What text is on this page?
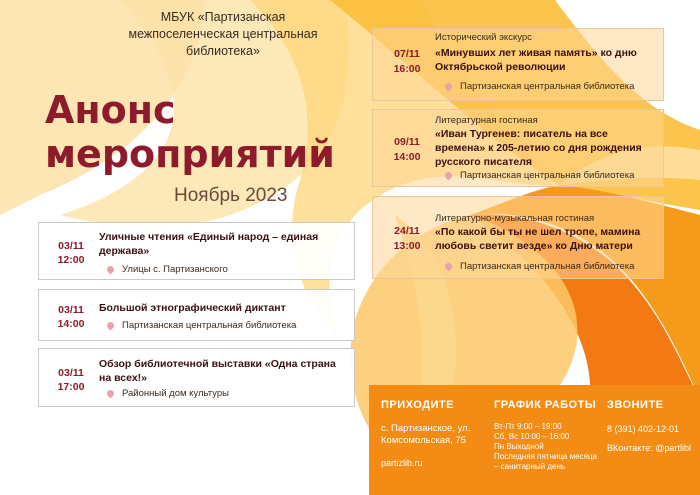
МБУК «Партизанская межпоселенческая центральная библиотека»
Анонс
мероприятий
Ноябрь 2023
03/11
12:00
Уличные чтения «Единый народ – единая держава»
Улицы с. Партизанского
03/11
14:00
Большой этнографический диктант
Партизанская центральная библиотека
03/11
17:00
Обзор библиотечной выставки «Одна страна на всех!»
Районный дом культуры
07/11
16:00
Исторический экскурс
«Минувших лет живая память» ко дню Октябрьской революции
Партизанская центральная библиотека
09/11
14:00
Литературная гостиная
«Иван Тургенев: писатель на все времена» к 205-летию со дня рождения русского писателя
Партизанская центральная библиотека
24/11
13:00
Литературно-музыкальная гостиная
«По какой бы ты не шел тропе, мамина любовь светит везде» ко Дню матери
Партизанская центральная библиотека
ПРИХОДИТЕ
с. Партизанское, ул. Комсомольская, 75
partizlib.ru
ГРАФИК РАБОТЫ
Вт-Пт 9:00 – 19:00
Сб, Вс 10:00 – 16:00
Пн Выходной
Последняя пятница месяца – санитарный день
ЗВОНИТЕ
8 (391) 402-12-01
ВКонтакте: @partlibl
